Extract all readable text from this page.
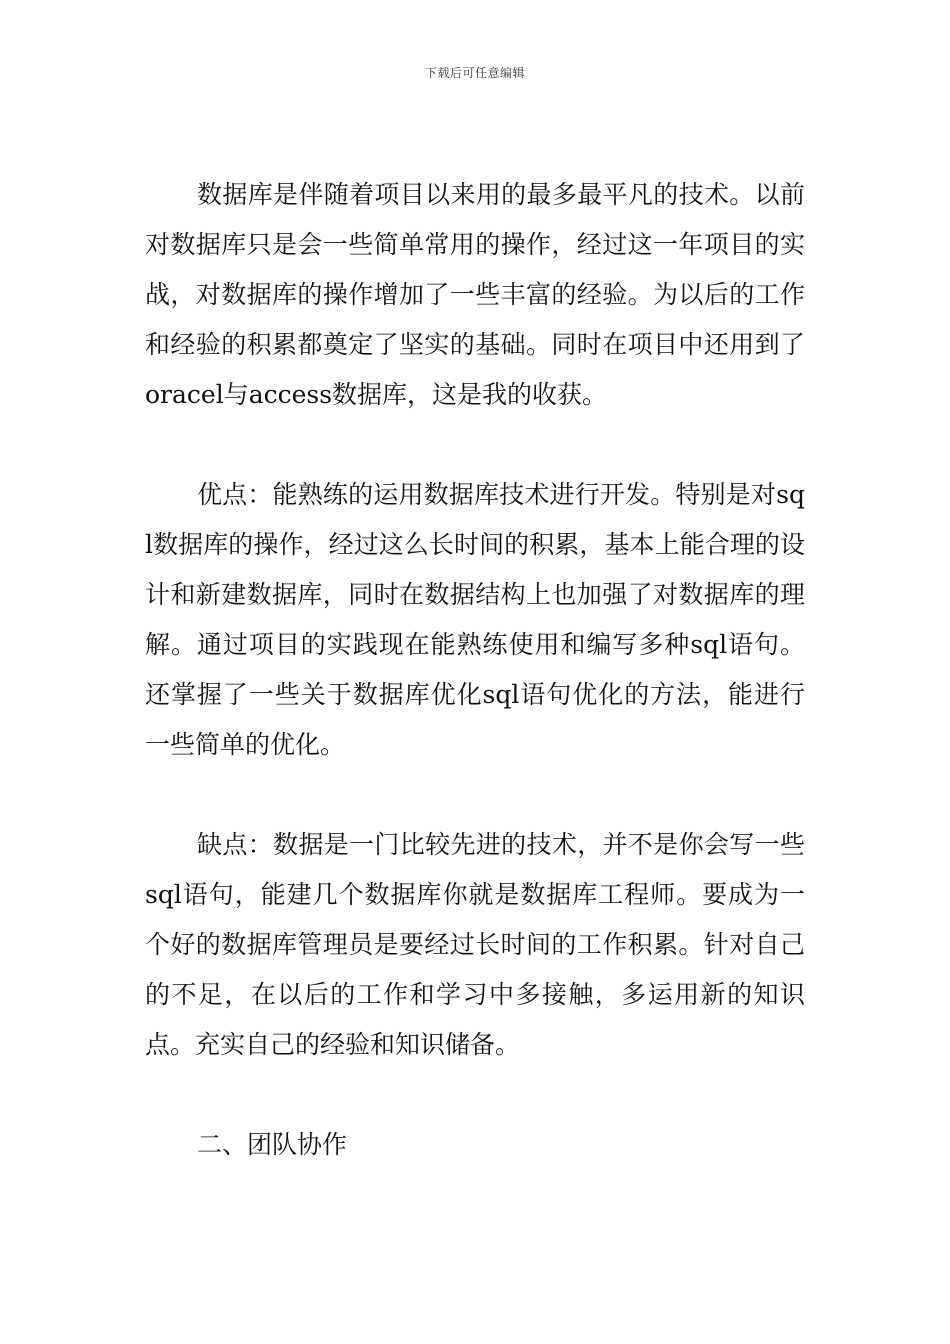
下载后可任意编辑

数据库是伴随着项目以来用的最多最平凡的技术。以前对数据库只是会一些简单常用的操作，经过这一年项目的实战，对数据库的操作增加了一些丰富的经验。为以后的工作和经验的积累都奠定了坚实的基础。同时在项目中还用到了oracel与access数据库，这是我的收获。

优点：能熟练的运用数据库技术进行开发。特别是对sql数据库的操作，经过这么长时间的积累，基本上能合理的设计和新建数据库，同时在数据结构上也加强了对数据库的理解。通过项目的实践现在能熟练使用和编写多种sql语句。还掌握了一些关于数据库优化sql语句优化的方法，能进行一些简单的优化。

缺点：数据是一门比较先进的技术，并不是你会写一些sql语句，能建几个数据库你就是数据库工程师。要成为一个好的数据库管理员是要经过长时间的工作积累。针对自己的不足，在以后的工作和学习中多接触，多运用新的知识点。充实自己的经验和知识储备。

二、团队协作
